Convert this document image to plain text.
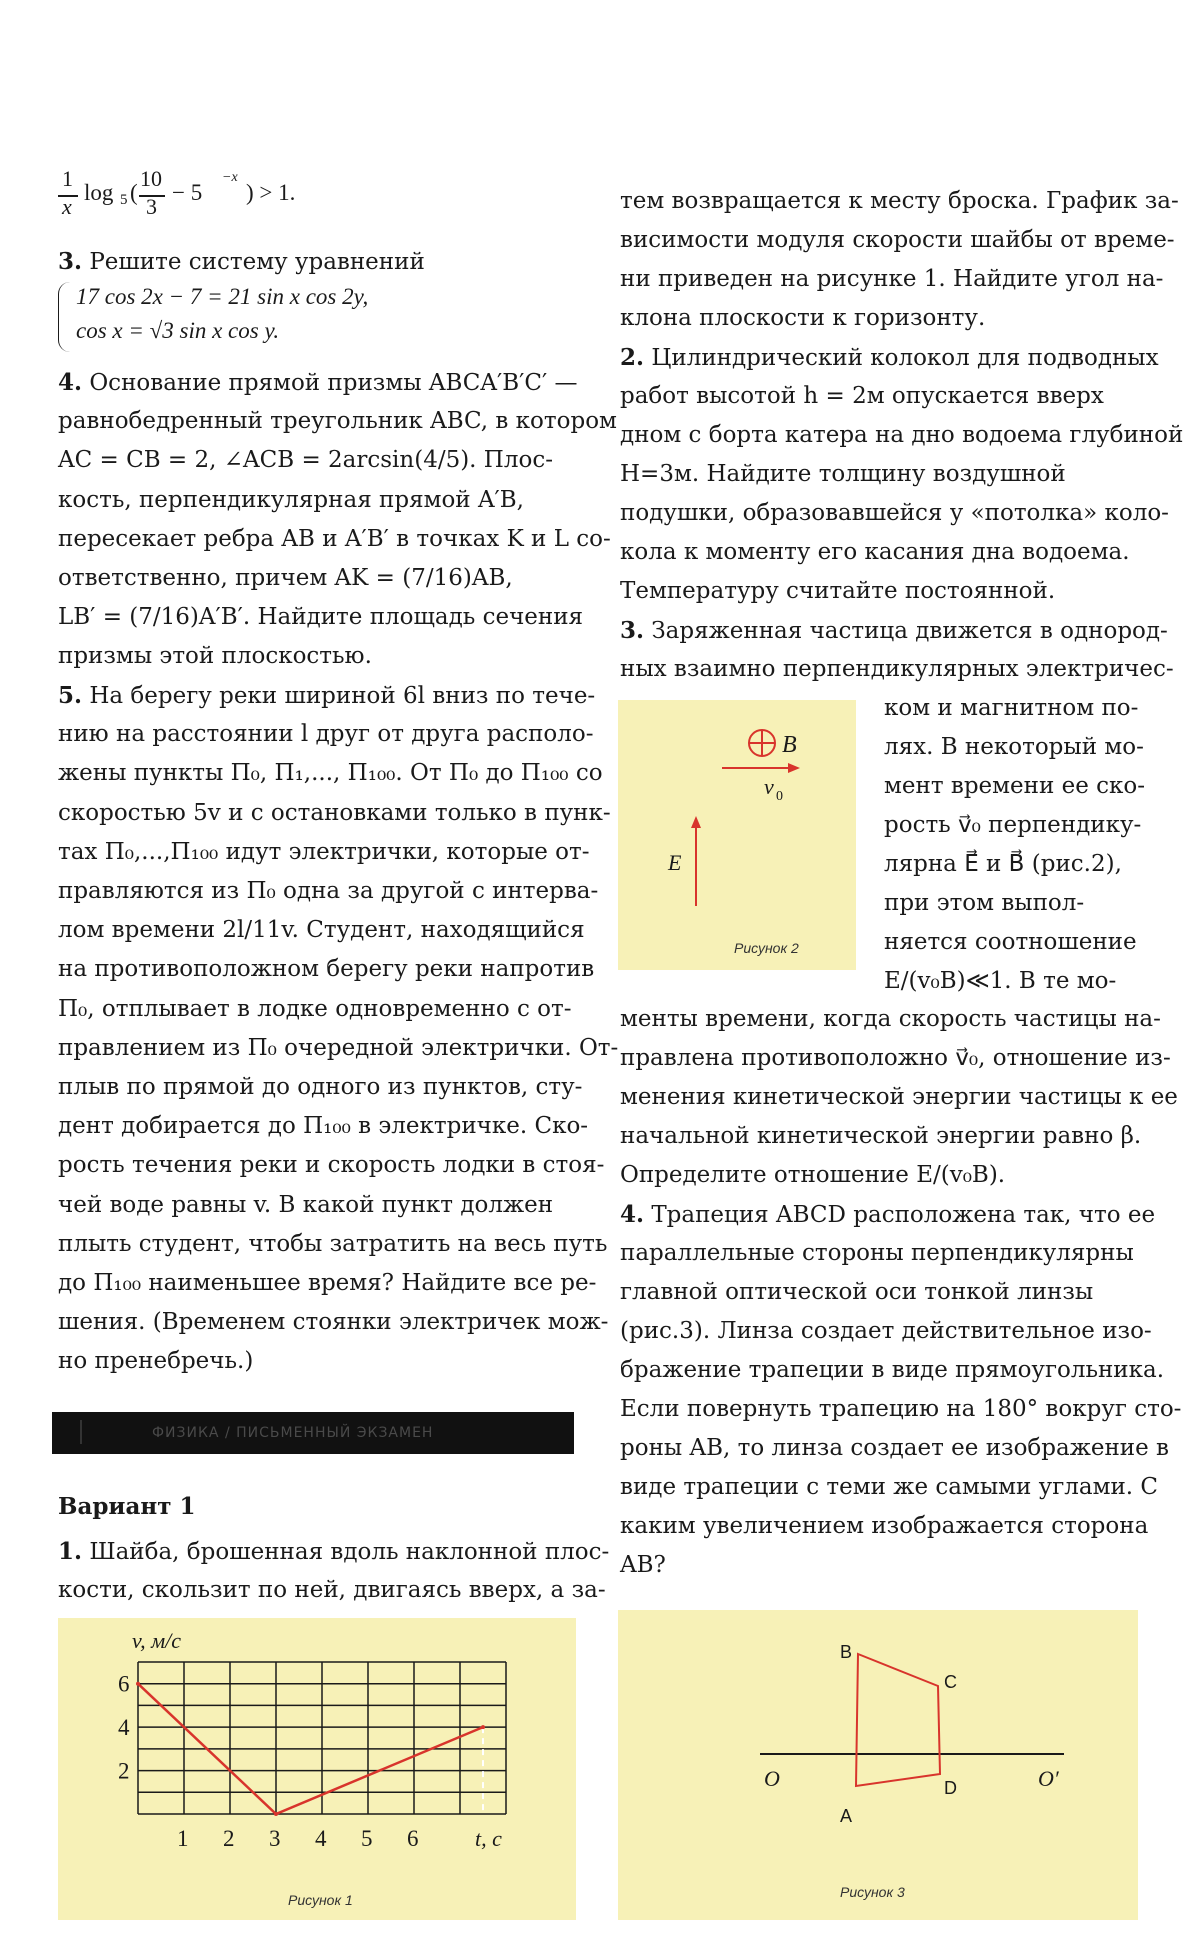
1
x
log 5 (
10
3
− 5
−x
) > 1.
3. Решите систему уравнений
17 cos 2x − 7 = 21 sin x cos 2y,
cos x = √3 sin x cos y.
4. Основание прямой призмы ABCA′B′C′ —
равнобедренный треугольник ABC, в котором
AC = CB = 2, ∠ACB = 2arcsin(4/5). Плос-
кость, перпендикулярная прямой A′B,
пересекает ребра AB и A′B′ в точках K и L со-
ответственно, причем AK = (7/16)AB,
LB′ = (7/16)A′B′. Найдите площадь сечения
призмы этой плоскостью.
5. На берегу реки шириной 6l вниз по тече-
нию на расстоянии l друг от друга располо-
жены пункты П₀, П₁,..., П₁₀₀. От П₀ до П₁₀₀ со
скоростью 5v и с остановками только в пунк-
тах П₀,...,П₁₀₀ идут электрички, которые от-
правляются из П₀ одна за другой с интерва-
лом времени 2l/11v. Студент, находящийся
на противоположном берегу реки напротив
П₀, отплывает в лодке одновременно с от-
правлением из П₀ очередной электрички. От-
плыв по прямой до одного из пунктов, сту-
дент добирается до П₁₀₀ в электричке. Ско-
рость течения реки и скорость лодки в стоя-
чей воде равны v. В какой пункт должен
плыть студент, чтобы затратить на весь путь
до П₁₀₀ наименьшее время? Найдите все ре-
шения. (Временем стоянки электричек мож-
но пренебречь.)
ФИЗИКА / ПИСЬМЕННЫЙ ЭКЗАМЕН
Вариант 1
1. Шайба, брошенная вдоль наклонной плос-
кости, скользит по ней, двигаясь вверх, а за-
1 2 3 4 5 6
2
4
6
v, м/с
t, с
Рисунок 1
тем возвращается к месту броска. График за-
висимости модуля скорости шайбы от време-
ни приведен на рисунке 1. Найдите угол на-
клона плоскости к горизонту.
2. Цилиндрический колокол для подводных
работ высотой h = 2м опускается вверх
дном с борта катера на дно водоема глубиной
H=3м. Найдите толщину воздушной
подушки, образовавшейся у «потолка» коло-
кола к моменту его касания дна водоема.
Температуру считайте постоянной.
3. Заряженная частица движется в однород-
ных взаимно перпендикулярных электричес-
ком и магнитном по-
лях. В некоторый мо-
мент времени ее ско-
рость v⃗₀ перпендику-
лярна E⃗ и B⃗ (рис.2),
при этом выпол-
няется соотношение
E/(v₀B)≪1. В те мо-
менты времени, когда скорость частицы на-
правлена противоположно v⃗₀, отношение из-
менения кинетической энергии частицы к ее
начальной кинетической энергии равно β.
Определите отношение E/(v₀B).
4. Трапеция ABCD расположена так, что ее
параллельные стороны перпендикулярны
главной оптической оси тонкой линзы
(рис.3). Линза создает действительное изо-
бражение трапеции в виде прямоугольника.
Если повернуть трапецию на 180° вокруг сто-
роны AB, то линза создает ее изображение в
виде трапеции с теми же самыми углами. С
каким увеличением изображается сторона
AB?
B
v 0
E
Рисунок 2
B
C
D
A
O	O′
Рисунок 3
